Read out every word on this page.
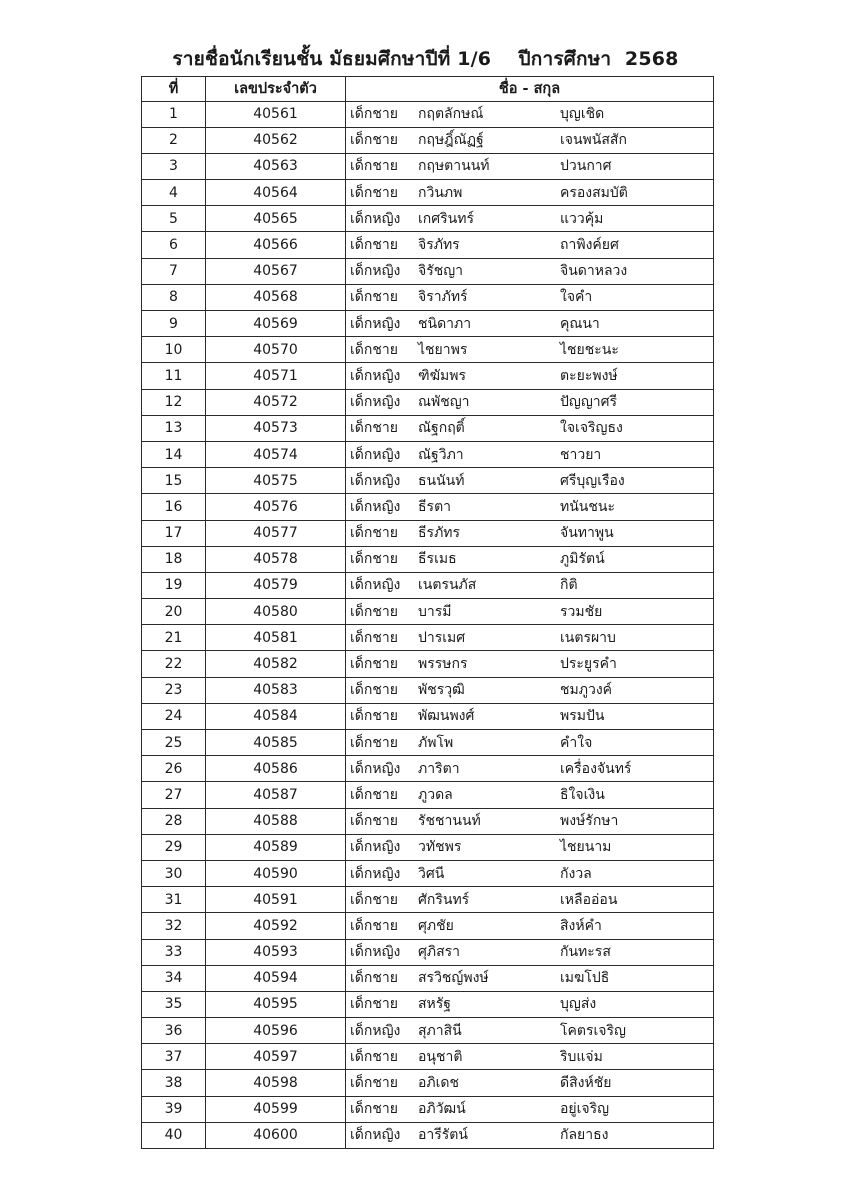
รายชื่อนักเรียนชั้น มัธยมศึกษาปีที่ 1/6    ปีการศึกษา  2568
ที่	เลขประจำตัว	ชื่อ - สกุล
1	40561	เด็กชาย กฤตลักษณ์ บุญเชิด
2	40562	เด็กชาย กฤษฎิ์ณัฏฐ์ เจนพนัสสัก
3	40563	เด็กชาย กฤษตานนท์ ปวนกาศ
4	40564	เด็กชาย กวินภพ ครองสมบัติ
5	40565	เด็กหญิง เกศรินทร์ แววคุ้ม
6	40566	เด็กชาย จิรภัทร ถาพิงค์ยศ
7	40567	เด็กหญิง จิรัชญา จินดาหลวง
8	40568	เด็กชาย จิราภัทร์ ใจคำ
9	40569	เด็กหญิง ชนิดาภา คุณนา
10	40570	เด็กชาย ไชยาพร ไชยชะนะ
11	40571	เด็กหญิง ฑิฆัมพร ตะยะพงษ์
12	40572	เด็กหญิง ณพัชญา ปัญญาศรี
13	40573	เด็กชาย ณัฐกฤติ์ ใจเจริญธง
14	40574	เด็กหญิง ณัฐวิภา ชาวยา
15	40575	เด็กหญิง ธนนันท์ ศรีบุญเรือง
16	40576	เด็กหญิง ธีรตา ทนันชนะ
17	40577	เด็กชาย ธีรภัทร จันทาพูน
18	40578	เด็กชาย ธีรเมธ ภูมิรัตน์
19	40579	เด็กหญิง เนตรนภัส กิติ
20	40580	เด็กชาย บารมี รวมชัย
21	40581	เด็กชาย ปารเมศ เนตรผาบ
22	40582	เด็กชาย พรรษกร ประยูรคำ
23	40583	เด็กชาย พัชรวุฒิ ชมภูวงค์
24	40584	เด็กชาย พัฒนพงศ์ พรมปัน
25	40585	เด็กชาย ภัพโพ คำใจ
26	40586	เด็กหญิง ภาริตา เครื่องจันทร์
27	40587	เด็กชาย ภูวดล ธิใจเงิน
28	40588	เด็กชาย รัชชานนท์ พงษ์รักษา
29	40589	เด็กหญิง วทัชพร ไชยนาม
30	40590	เด็กหญิง วิศนี กังวล
31	40591	เด็กชาย ศักรินทร์ เหลืออ่อน
32	40592	เด็กชาย ศุภชัย สิงห์คำ
33	40593	เด็กหญิง ศุภิสรา กันทะรส
34	40594	เด็กชาย สรวิชญ์พงษ์ เมฆโปธิ
35	40595	เด็กชาย สหรัฐ บุญส่ง
36	40596	เด็กหญิง สุภาสินี โคตรเจริญ
37	40597	เด็กชาย อนุชาติ ริบแจ่ม
38	40598	เด็กชาย อภิเดช ดีสิงห์ชัย
39	40599	เด็กชาย อภิวัฒน์ อยู่เจริญ
40	40600	เด็กหญิง อารีรัตน์ กัลยาธง
